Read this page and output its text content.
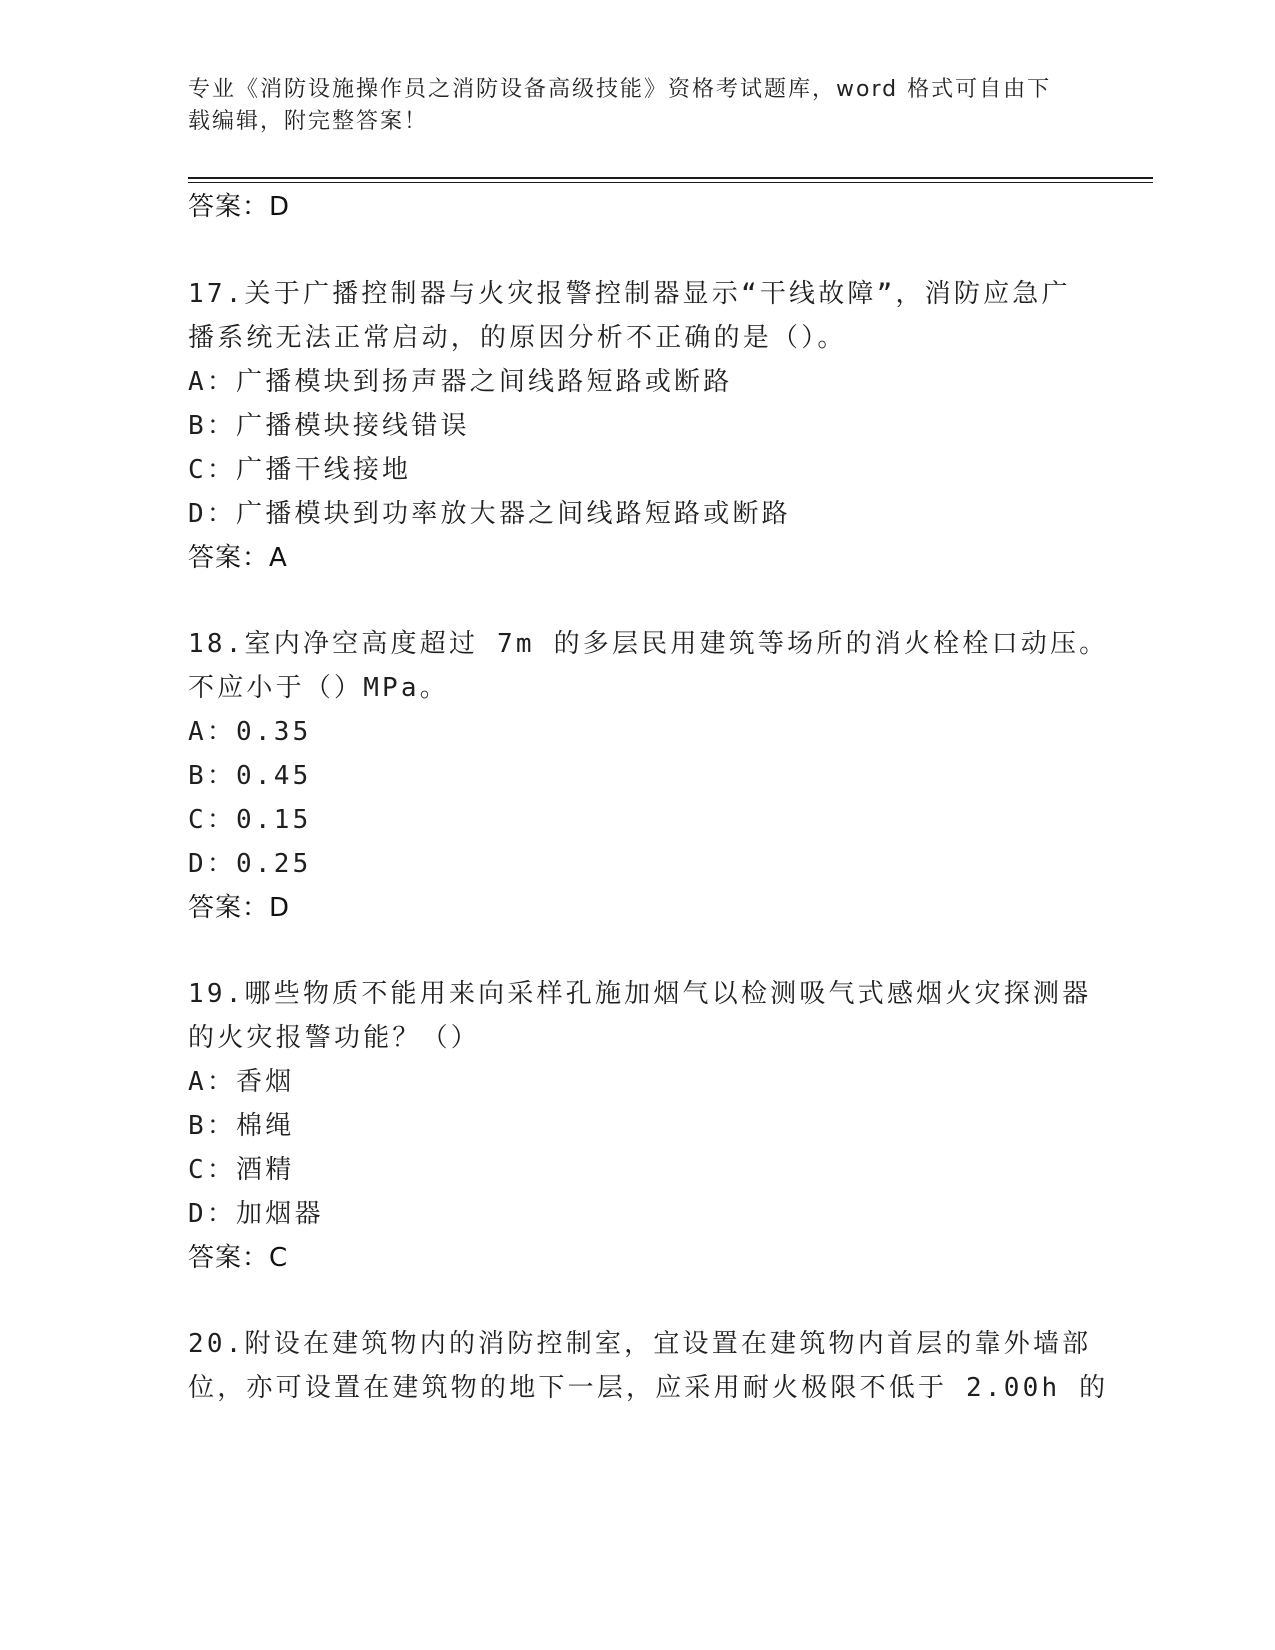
专业《消防设施操作员之消防设备高级技能》资格考试题库，word 格式可自由下
载编辑，附完整答案！
答案：D
17.关于广播控制器与火灾报警控制器显示“干线故障”，消防应急广
播系统无法正常启动，的原因分析不正确的是（）。
A：广播模块到扬声器之间线路短路或断路
B：广播模块接线错误
C：广播干线接地
D：广播模块到功率放大器之间线路短路或断路
答案：A
18.室内净空高度超过 7m 的多层民用建筑等场所的消火栓栓口动压。
不应小于（）MPa。
A：0.35
B：0.45
C：0.15
D：0.25
答案：D
19.哪些物质不能用来向采样孔施加烟气以检测吸气式感烟火灾探测器
的火灾报警功能？（）
A：香烟
B：棉绳
C：酒精
D：加烟器
答案：C
20.附设在建筑物内的消防控制室，宜设置在建筑物内首层的靠外墙部
位，亦可设置在建筑物的地下一层，应采用耐火极限不低于 2.00h 的
